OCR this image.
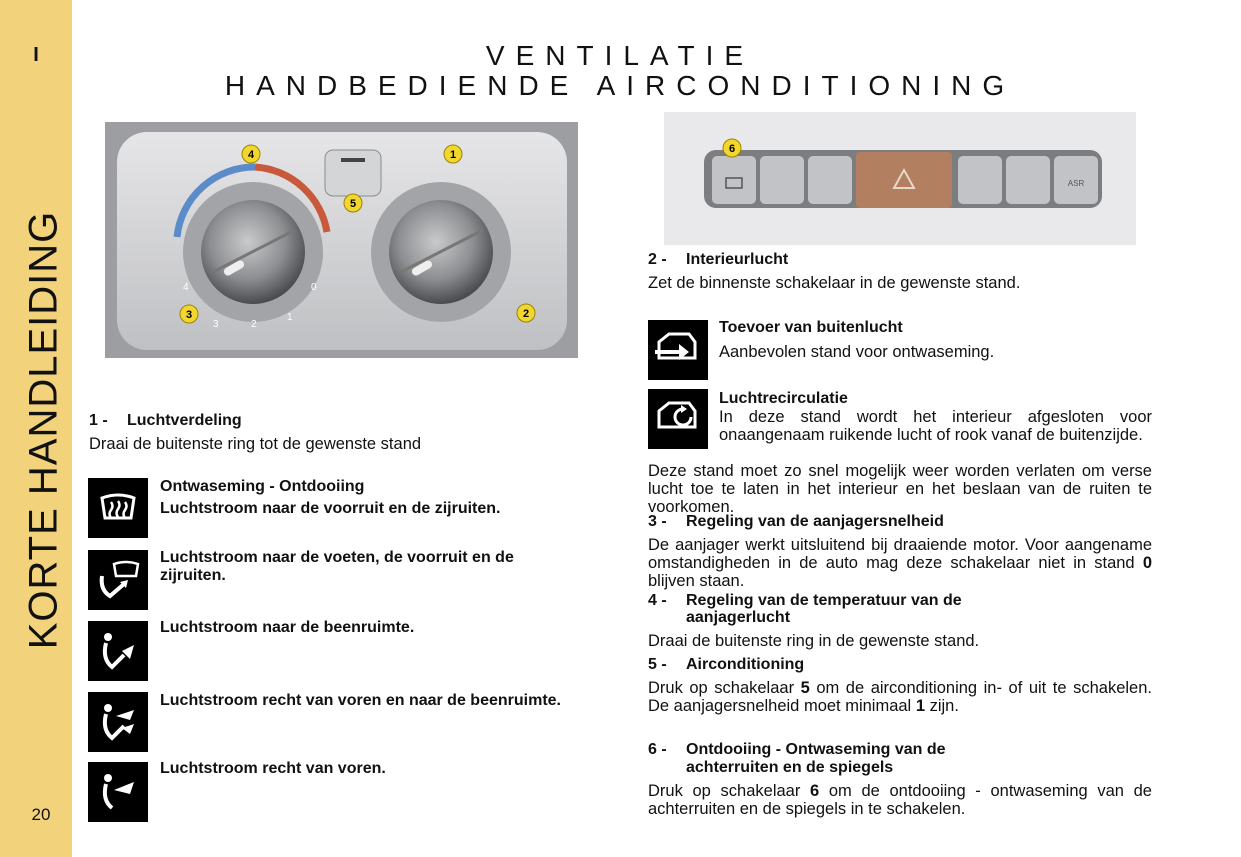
I
KORTE HANDLEIDING
20
VENTILATIE
HANDBEDIENDE AIRCONDITIONING
4
3	2
1
0
4	1
5
3	2
ASR
6
1 - Luchtverdeling
Draai de buitenste ring tot de gewenste stand
Ontwaseming - Ontdooiing
Luchtstroom naar de voorruit en de zijruiten.
Luchtstroom naar de voeten, de voorruit en de zijruiten.
Luchtstroom naar de beenruimte.
Luchtstroom recht van voren en naar de beenruimte.
Luchtstroom recht van voren.
2 - Interieurlucht
Zet de binnenste schakelaar in de gewenste stand.
Toevoer van buitenlucht
Aanbevolen stand voor ontwaseming.
Luchtrecirculatie
In deze stand wordt het interieur afgesloten voor onaangenaam ruikende lucht of rook vanaf de buitenzijde.
Deze stand moet zo snel mogelijk weer worden verlaten om verse lucht toe te laten in het interieur en het beslaan van de ruiten te voorkomen.
3 - Regeling van de aanjagersnelheid
De aanjager werkt uitsluitend bij draaiende motor. Voor aangename omstandigheden in de auto mag deze schakelaar niet in stand 0 blijven staan.
4 - Regeling van de temperatuur van de
aanjagerlucht
Draai de buitenste ring in de gewenste stand.
5 - Airconditioning
Druk op schakelaar 5 om de airconditioning in- of uit te schakelen. De aanjagersnelheid moet minimaal 1 zijn.
6 - Ontdooiing - Ontwaseming van de
achterruiten en de spiegels
Druk op schakelaar 6 om de ontdooiing - ontwaseming van de achterruiten en de spiegels in te schakelen.
